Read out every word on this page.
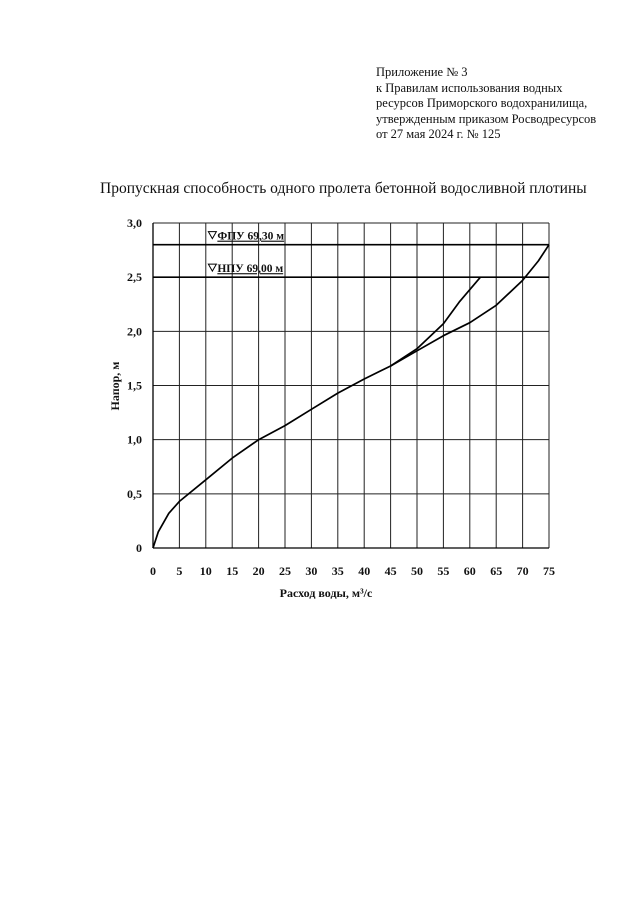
Приложение № 3
к Правилам использования водных
ресурсов Приморского водохранилища,
утвержденным приказом Росводресурсов
от 27 мая 2024 г. № 125
Пропускная способность одного пролета бетонной водосливной плотины
0 5 10 15 20 25 30 35 40 45 50 55 60 65 70 75
0
0,5
1,0
1,5
2,0
2,5
3,0
Расход воды, м³/с
Напор, м
ФПУ 69,30 м
НПУ 69,00 м
